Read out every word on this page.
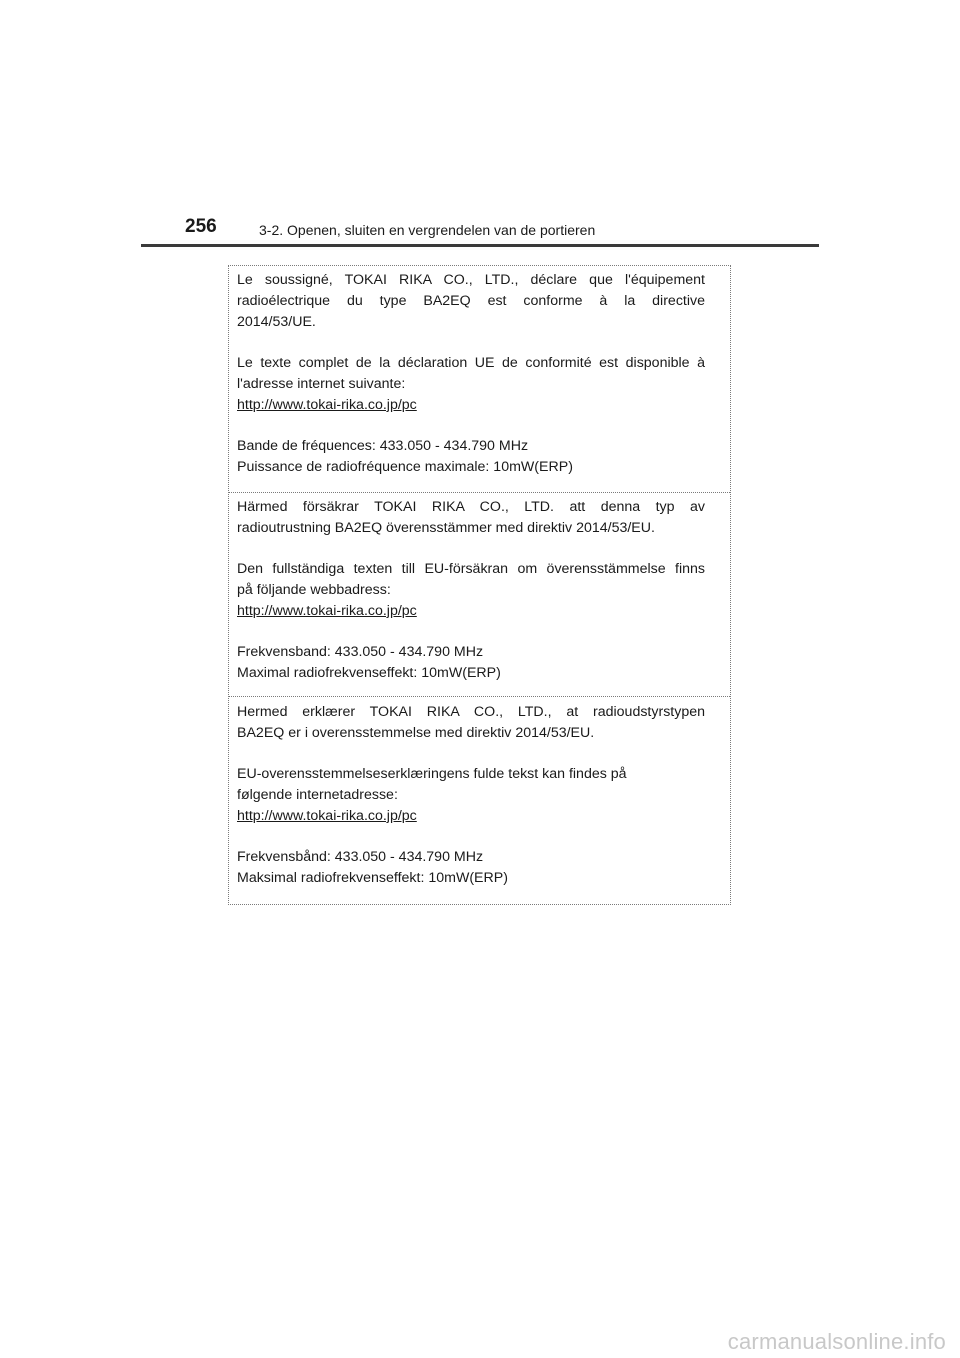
256	3-2. Openen, sluiten en vergrendelen van de portieren

Le soussigné, TOKAI RIKA CO., LTD., déclare que l'équipement
radioélectrique du type BA2EQ est conforme à la directive
2014/53/UE.

Le texte complet de la déclaration UE de conformité est disponible à
l'adresse internet suivante:
http://www.tokai-rika.co.jp/pc

Bande de fréquences: 433.050 - 434.790 MHz
Puissance de radiofréquence maximale: 10mW(ERP)

Härmed försäkrar TOKAI RIKA CO., LTD. att denna typ av
radioutrustning BA2EQ överensstämmer med direktiv 2014/53/EU.

Den fullständiga texten till EU-försäkran om överensstämmelse finns
på följande webbadress:
http://www.tokai-rika.co.jp/pc

Frekvensband: 433.050 - 434.790 MHz
Maximal radiofrekvenseffekt: 10mW(ERP)

Hermed erklærer TOKAI RIKA CO., LTD., at radioudstyrstypen
BA2EQ er i overensstemmelse med direktiv 2014/53/EU.

EU-overensstemmelseserklæringens fulde tekst kan findes på
følgende internetadresse:
http://www.tokai-rika.co.jp/pc

Frekvensbånd: 433.050 - 434.790 MHz
Maksimal radiofrekvenseffekt: 10mW(ERP)

carmanualsonline.info
